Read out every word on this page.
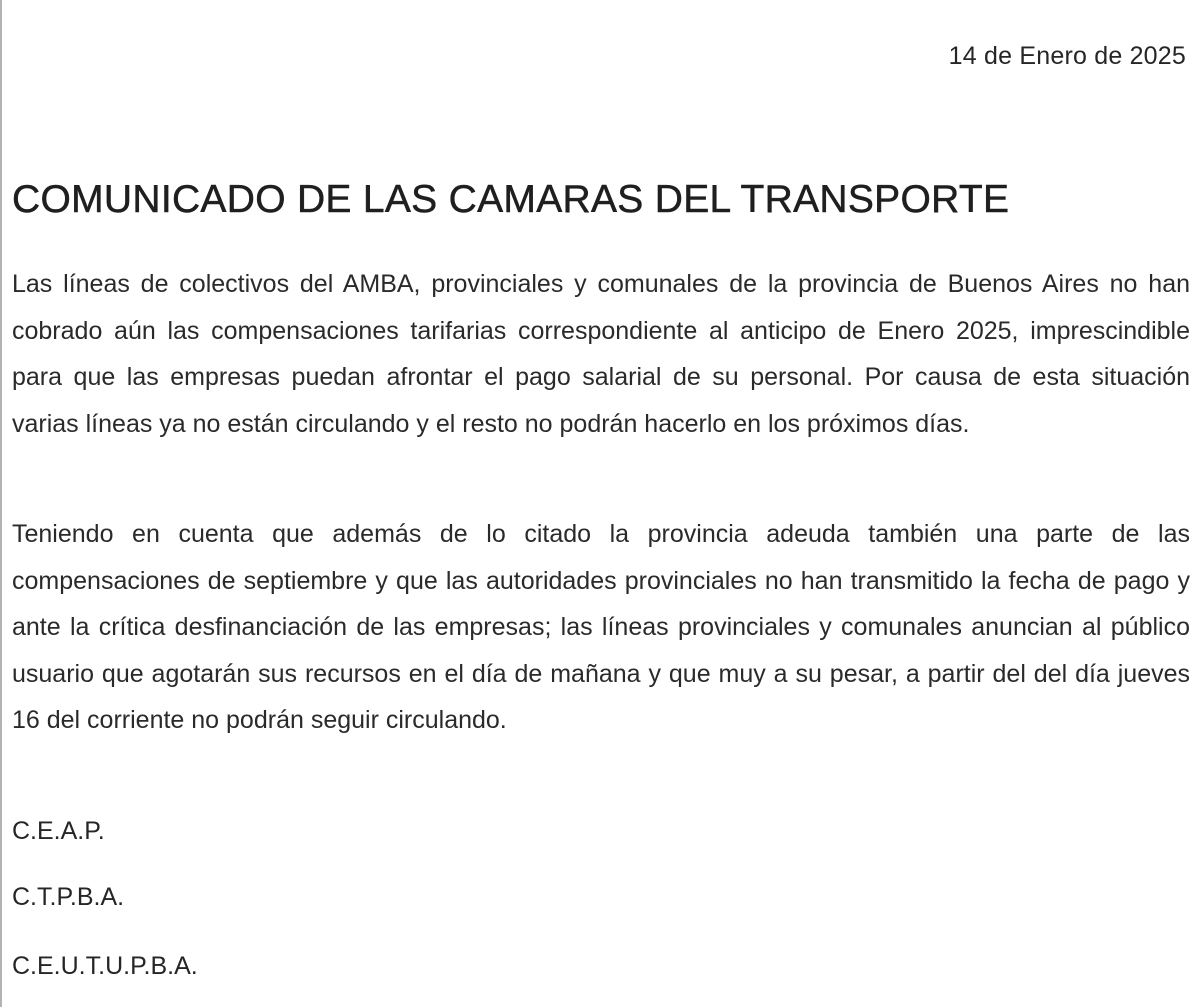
14 de Enero de 2025
COMUNICADO DE LAS CAMARAS DEL TRANSPORTE

Las líneas de colectivos del AMBA, provinciales y comunales de la provincia de Buenos Aires no han cobrado aún las compensaciones tarifarias correspondiente al anticipo de Enero 2025, imprescindible para que las empresas puedan afrontar el pago salarial de su personal. Por causa de esta situación varias líneas ya no están circulando y el resto no podrán hacerlo en los próximos días.

Teniendo en cuenta que además de lo citado la provincia adeuda también una parte de las compensaciones de septiembre y que las autoridades provinciales no han transmitido la fecha de pago y ante la crítica desfinanciación de las empresas; las líneas provinciales y comunales anuncian al público usuario que agotarán sus recursos en el día de mañana y que muy a su pesar, a partir del del día jueves 16 del corriente no podrán seguir circulando.

C.E.A.P.
C.T.P.B.A.
C.E.U.T.U.P.B.A.
